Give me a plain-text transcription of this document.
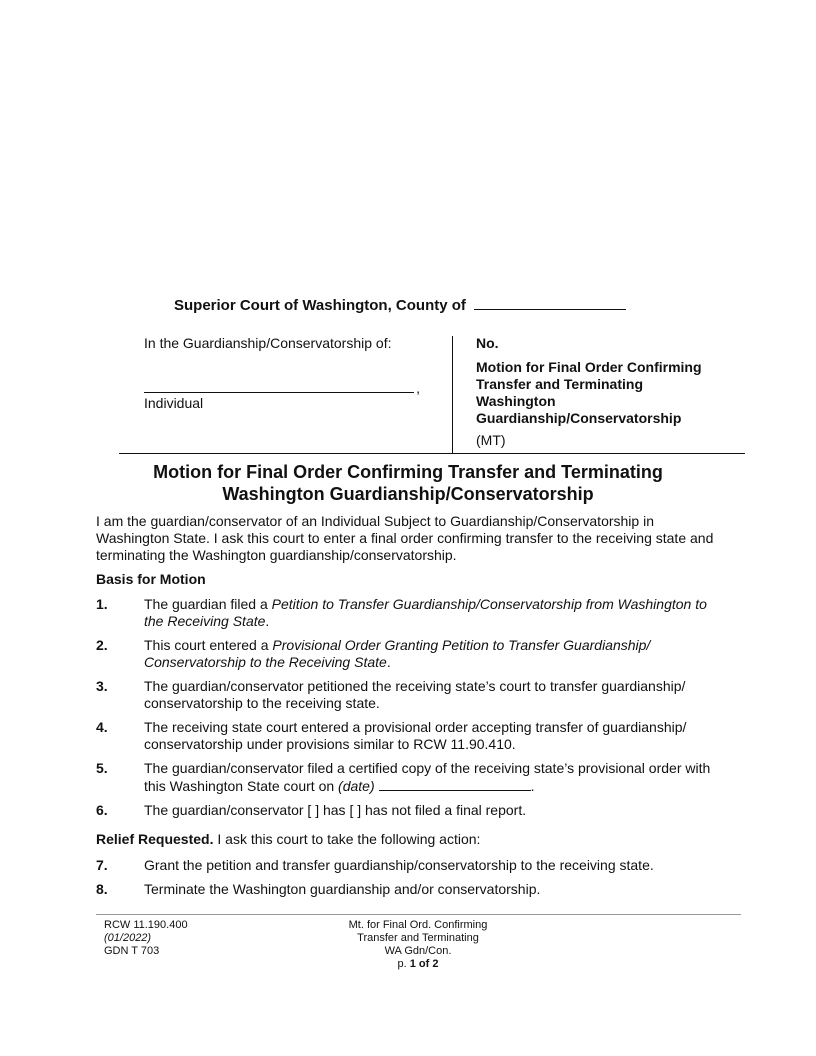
Superior Court of Washington, County of
In the Guardianship/Conservatorship of:
,
Individual
No.
Motion for Final Order Confirming Transfer and Terminating Washington Guardianship/Conservatorship
(MT)
Motion for Final Order Confirming Transfer and Terminating
Washington Guardianship/Conservatorship
I am the guardian/conservator of an Individual Subject to Guardianship/Conservatorship in Washington State. I ask this court to enter a final order confirming transfer to the receiving state and terminating the Washington guardianship/conservatorship.
Basis for Motion
1.	The guardian filed a Petition to Transfer Guardianship/Conservatorship from Washington to the Receiving State.
2.	This court entered a Provisional Order Granting Petition to Transfer Guardianship/ Conservatorship to the Receiving State.
3.	The guardian/conservator petitioned the receiving state’s court to transfer guardianship/ conservatorship to the receiving state.
4.	The receiving state court entered a provisional order accepting transfer of guardianship/ conservatorship under provisions similar to RCW 11.90.410.
5.	The guardian/conservator filed a certified copy of the receiving state’s provisional order with this Washington State court on (date)	.
6.	The guardian/conservator [ ] has [ ] has not filed a final report.
Relief Requested. I ask this court to take the following action:
7.	Grant the petition and transfer guardianship/conservatorship to the receiving state.
8.	Terminate the Washington guardianship and/or conservatorship.
RCW 11.190.400
(01/2022)
GDN T 703
Mt. for Final Ord. Confirming
Transfer and Terminating
WA Gdn/Con.
p. 1 of 2
